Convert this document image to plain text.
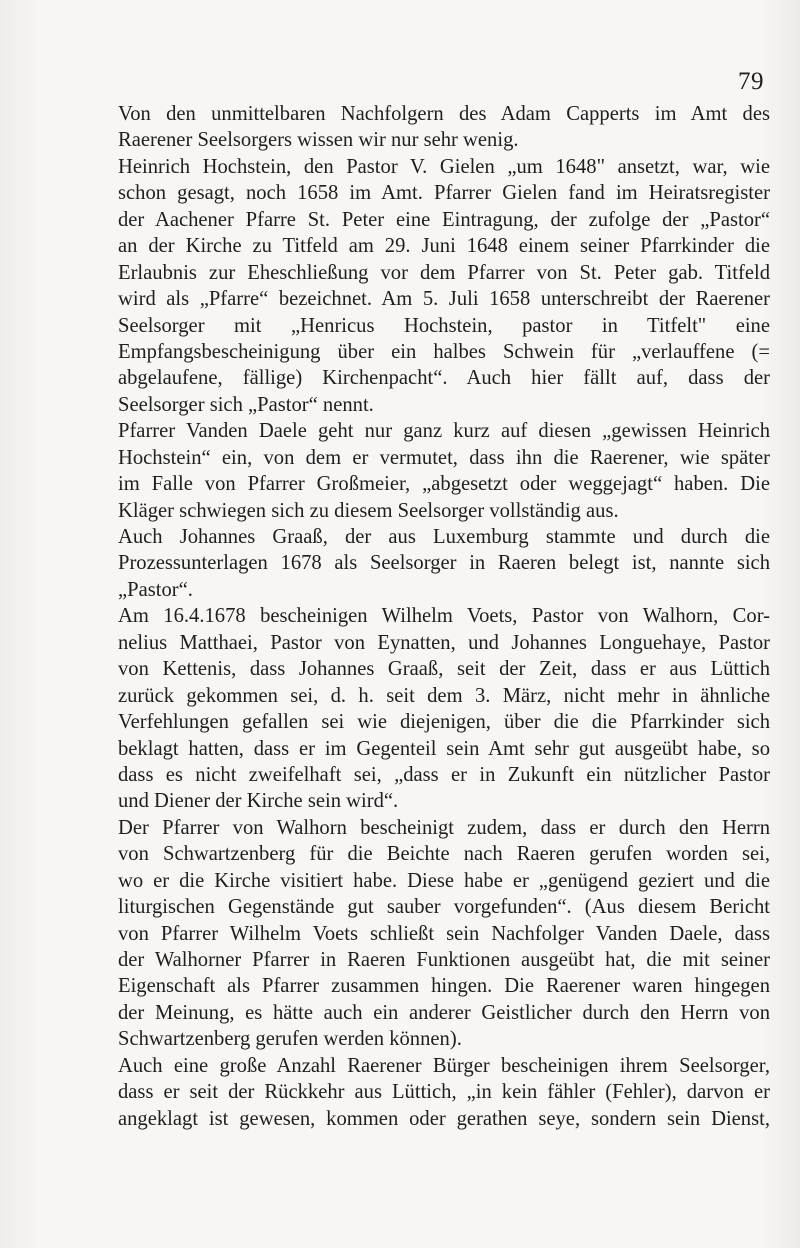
79
Von den unmittelbaren Nachfolgern des Adam Capperts im Amt des
Raerener Seelsorgers wissen wir nur sehr wenig.
Heinrich Hochstein, den Pastor V. Gielen „um 1648" ansetzt, war, wie
schon gesagt, noch 1658 im Amt. Pfarrer Gielen fand im Heiratsregister
der Aachener Pfarre St. Peter eine Eintragung, der zufolge der „Pastor“
an der Kirche zu Titfeld am 29. Juni 1648 einem seiner Pfarrkinder die
Erlaubnis zur Eheschließung vor dem Pfarrer von St. Peter gab. Titfeld
wird als „Pfarre“ bezeichnet. Am 5. Juli 1658 unterschreibt der Raerener
Seelsorger mit „Henricus Hochstein, pastor in Titfelt" eine
Empfangsbescheinigung über ein halbes Schwein für „verlauffene (=
abgelaufene, fällige) Kirchenpacht“. Auch hier fällt auf, dass der
Seelsorger sich „Pastor“ nennt.
Pfarrer Vanden Daele geht nur ganz kurz auf diesen „gewissen Heinrich
Hochstein“ ein, von dem er vermutet, dass ihn die Raerener, wie später
im Falle von Pfarrer Großmeier, „abgesetzt oder weggejagt“ haben. Die
Kläger schwiegen sich zu diesem Seelsorger vollständig aus.
Auch Johannes Graaß, der aus Luxemburg stammte und durch die
Prozessunterlagen 1678 als Seelsorger in Raeren belegt ist, nannte sich
„Pastor“.
Am 16.4.1678 bescheinigen Wilhelm Voets, Pastor von Walhorn, Cor-
nelius Matthaei, Pastor von Eynatten, und Johannes Longuehaye, Pastor
von Kettenis, dass Johannes Graaß, seit der Zeit, dass er aus Lüttich
zurück gekommen sei, d. h. seit dem 3. März, nicht mehr in ähnliche
Verfehlungen gefallen sei wie diejenigen, über die die Pfarrkinder sich
beklagt hatten, dass er im Gegenteil sein Amt sehr gut ausgeübt habe, so
dass es nicht zweifelhaft sei, „dass er in Zukunft ein nützlicher Pastor
und Diener der Kirche sein wird“.
Der Pfarrer von Walhorn bescheinigt zudem, dass er durch den Herrn
von Schwartzenberg für die Beichte nach Raeren gerufen worden sei,
wo er die Kirche visitiert habe. Diese habe er „genügend geziert und die
liturgischen Gegenstände gut sauber vorgefunden“. (Aus diesem Bericht
von Pfarrer Wilhelm Voets schließt sein Nachfolger Vanden Daele, dass
der Walhorner Pfarrer in Raeren Funktionen ausgeübt hat, die mit seiner
Eigenschaft als Pfarrer zusammen hingen. Die Raerener waren hingegen
der Meinung, es hätte auch ein anderer Geistlicher durch den Herrn von
Schwartzenberg gerufen werden können).
Auch eine große Anzahl Raerener Bürger bescheinigen ihrem Seelsorger,
dass er seit der Rückkehr aus Lüttich, „in kein fähler (Fehler), darvon er
angeklagt ist gewesen, kommen oder gerathen seye, sondern sein Dienst,
